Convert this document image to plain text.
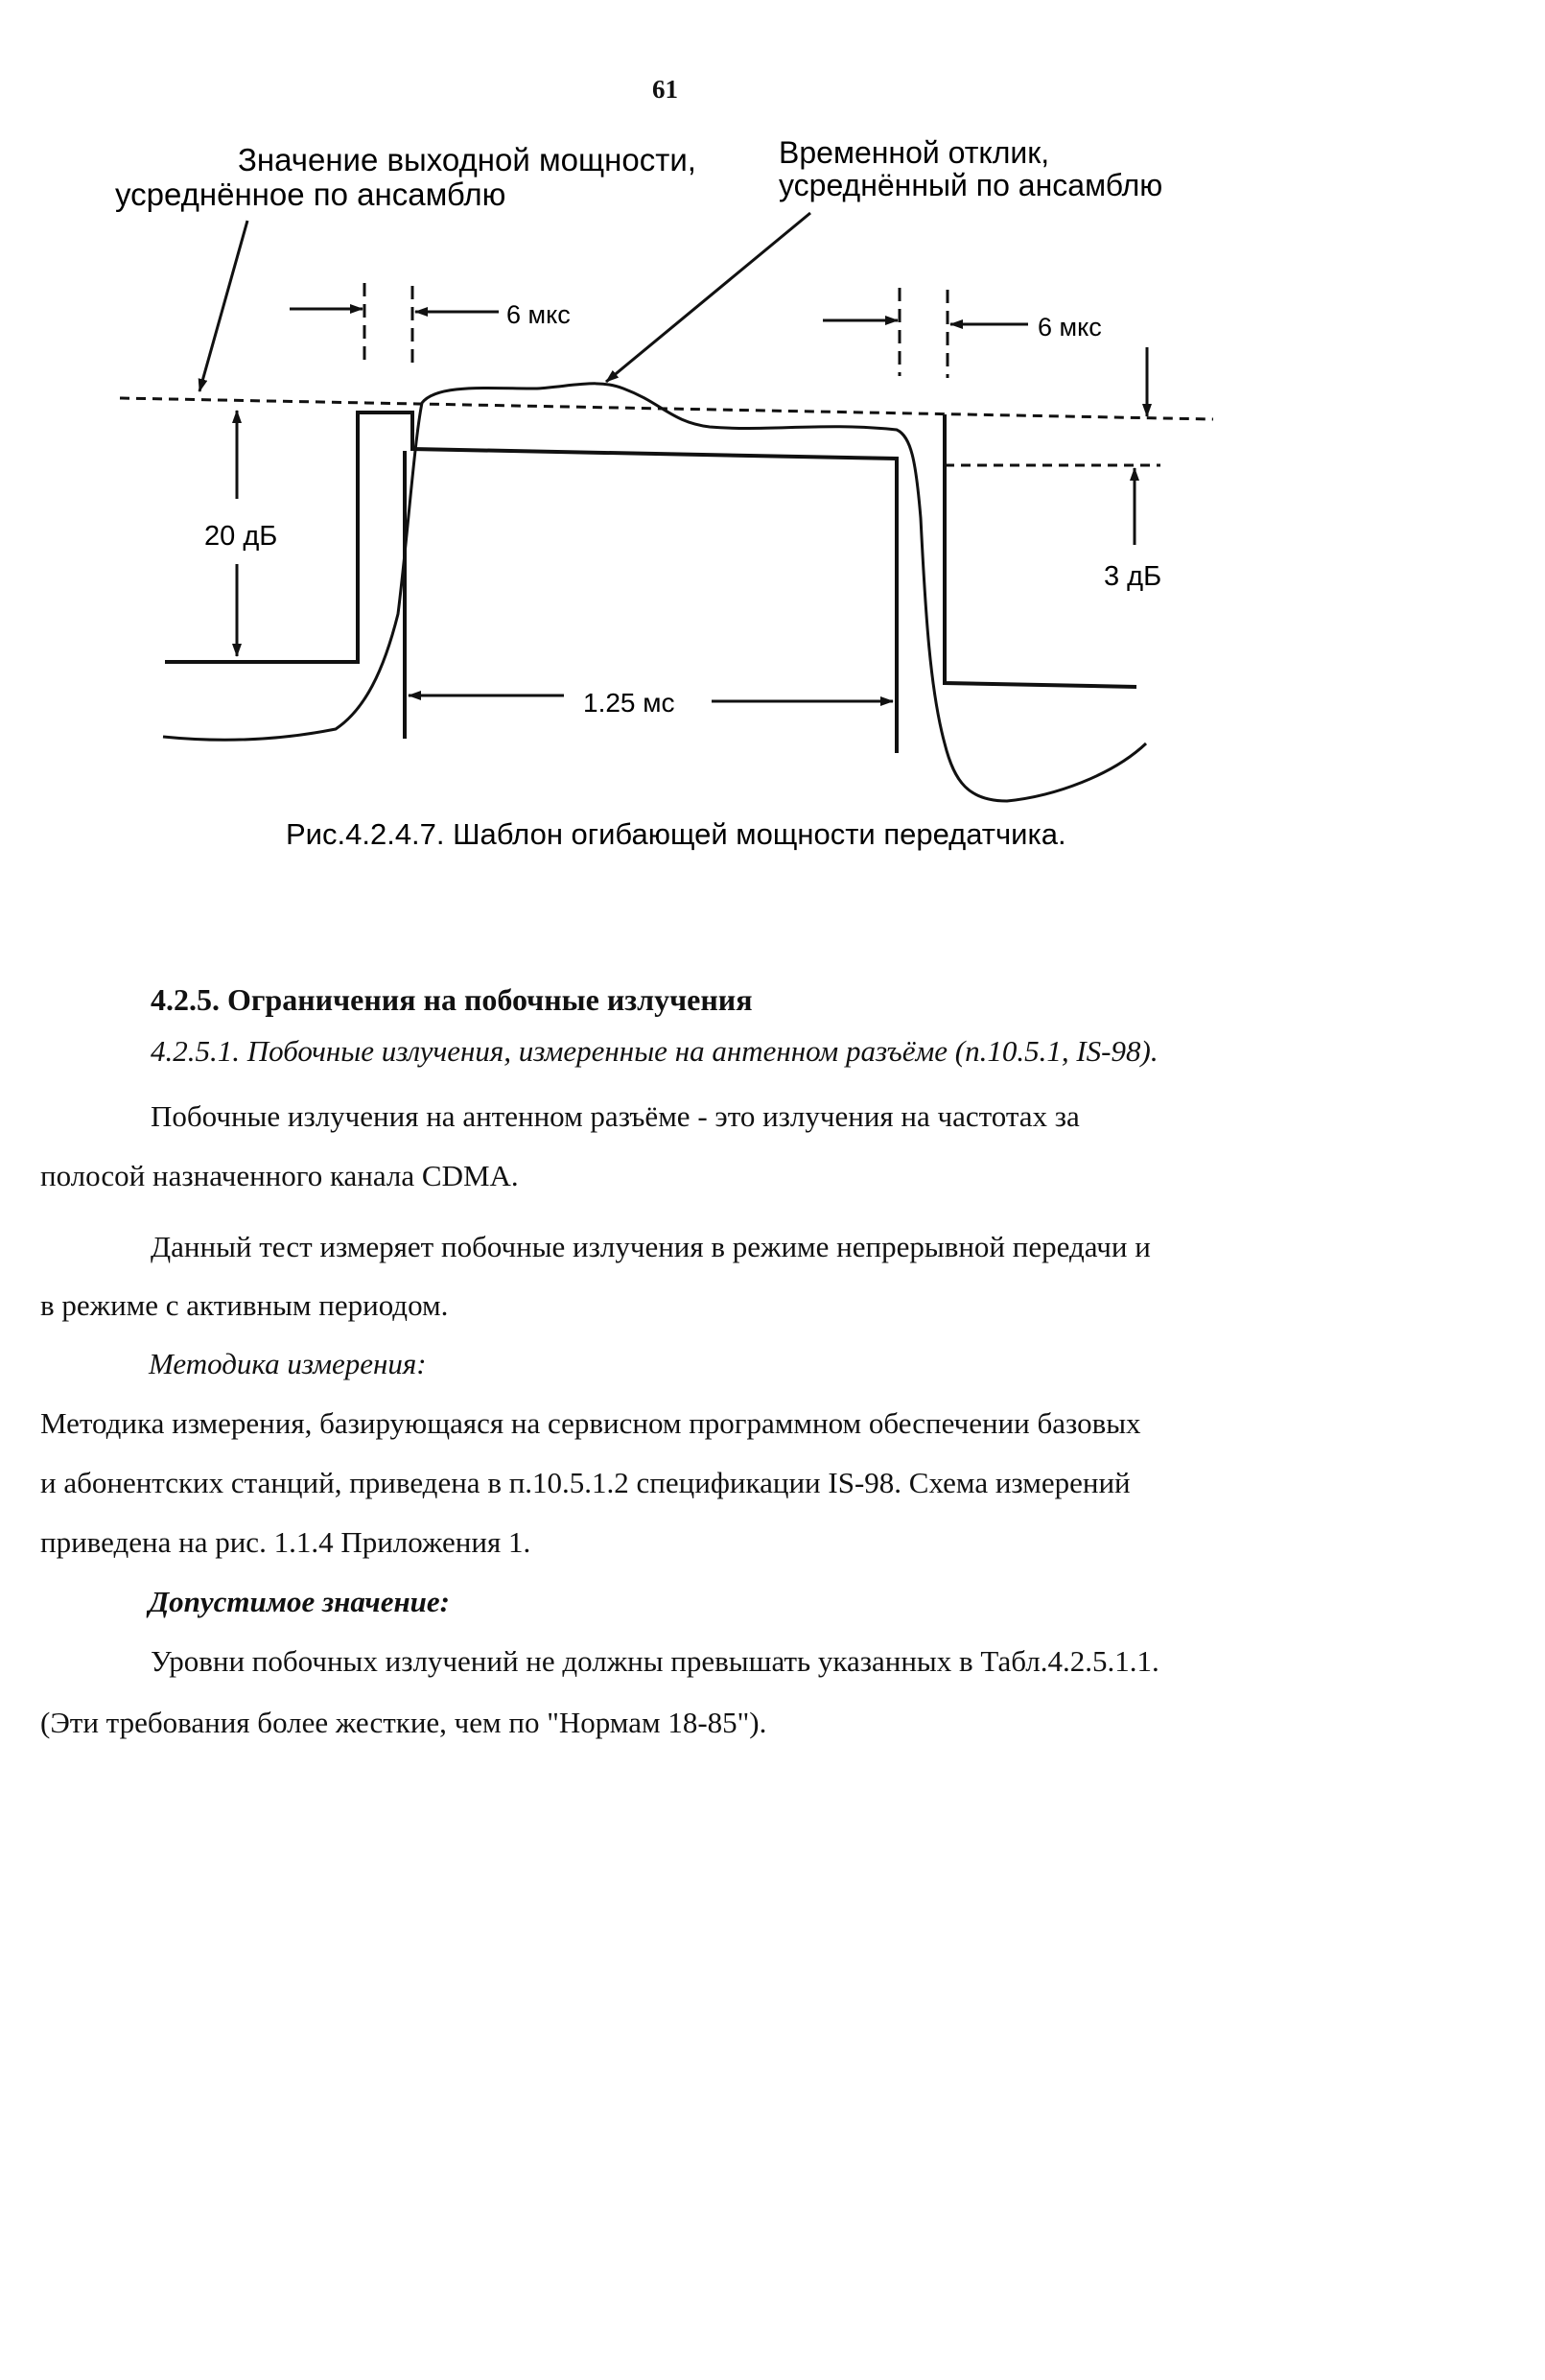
61
Значение выходной мощности,
усреднённое по ансамблю
Временной отклик,
усреднённый по ансамблю
6 мкс	6 мкс
20 дБ
3 дБ
1.25 мс
Рис.4.2.4.7. Шаблон огибающей мощности передатчика.
4.2.5. Ограничения на побочные излучения
4.2.5.1. Побочные излучения, измеренные на антенном разъёме (п.10.5.1, IS-98).
Побочные излучения на антенном разъёме - это излучения на частотах за
полосой назначенного канала CDMA.
Данный тест измеряет побочные излучения в режиме непрерывной передачи и
в режиме с активным периодом.
Методика измерения:
Методика измерения, базирующаяся на сервисном программном обеспечении базовых
и абонентских станций, приведена в п.10.5.1.2 спецификации IS-98. Схема измерений
приведена на рис. 1.1.4 Приложения 1.
Допустимое значение:
Уровни побочных излучений не должны превышать указанных в Табл.4.2.5.1.1.
(Эти требования более жесткие, чем по "Нормам 18-85").
